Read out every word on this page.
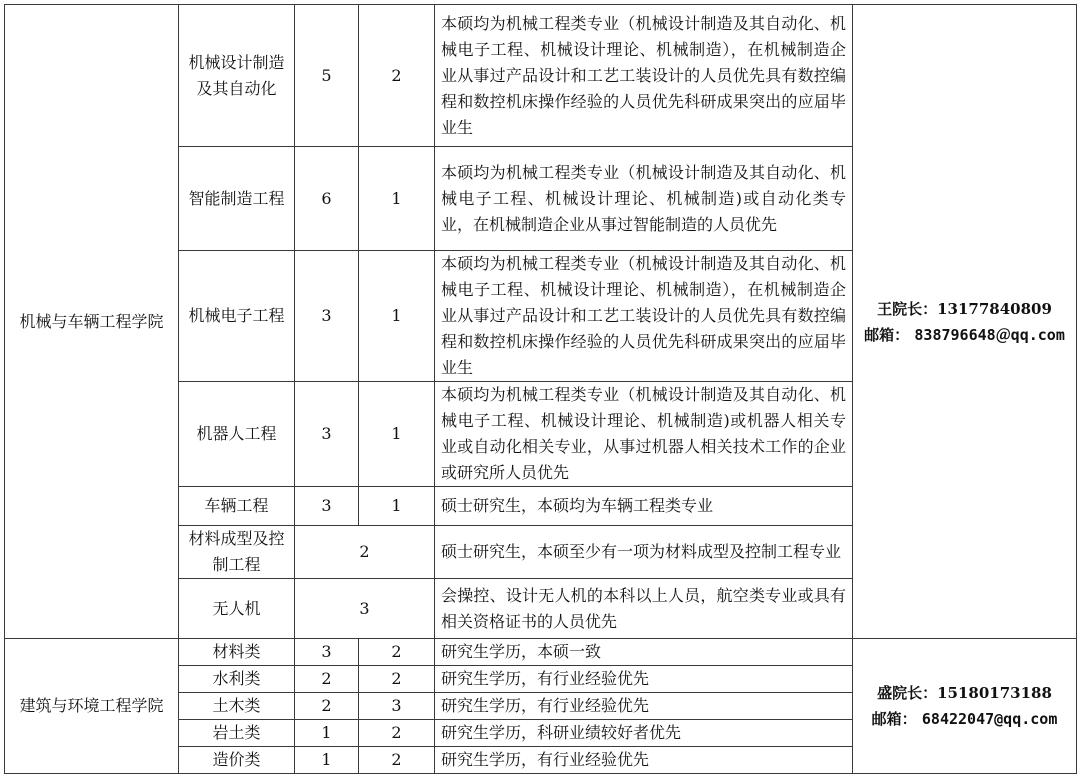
机械与车辆工程学院	机械设计制造及其自动化	5	2	本硕均为机械工程类专业（机械设计制造及其自动化、机械电子工程、机械设计理论、机械制造），在机械制造企业从事过产品设计和工艺工装设计的人员优先具有数控编程和数控机床操作经验的人员优先科研成果突出的应届毕业生	王院长：13177840809
邮箱： 838796648＠qq.com

	智能制造工程	6	1	本硕均为机械工程类专业（机械设计制造及其自动化、机械电子工程、机械设计理论、机械制造)或自动化类专业，在机械制造企业从事过智能制造的人员优先	
	机械电子工程	3	1	本硕均为机械工程类专业（机械设计制造及其自动化、机械电子工程、机械设计理论、机械制造），在机械制造企业从事过产品设计和工艺工装设计的人员优先具有数控编程和数控机床操作经验的人员优先科研成果突出的应届毕业生	
	机器人工程	3	1	本硕均为机械工程类专业（机械设计制造及其自动化、机械电子工程、机械设计理论、机械制造)或机器人相关专业或自动化相关专业，从事过机器人相关技术工作的企业或研究所人员优先	
	车辆工程	3	1	硕士研究生，本硕均为车辆工程类专业	
	材料成型及控制工程	2		硕士研究生，本硕至少有一项为材料成型及控制工程专业	
	无人机	3		会操控、设计无人机的本科以上人员，航空类专业或具有相关资格证书的人员优先	
建筑与环境工程学院	材料类	3	2	研究生学历，本硕一致	盛院长：15180173188
邮箱： 68422047@qq.com

	水利类	2	2	研究生学历，有行业经验优先	
	土木类	2	3	研究生学历，有行业经验优先	
	岩土类	1	2	研究生学历，科研业绩较好者优先	
	造价类	1	2	研究生学历，有行业经验优先	
